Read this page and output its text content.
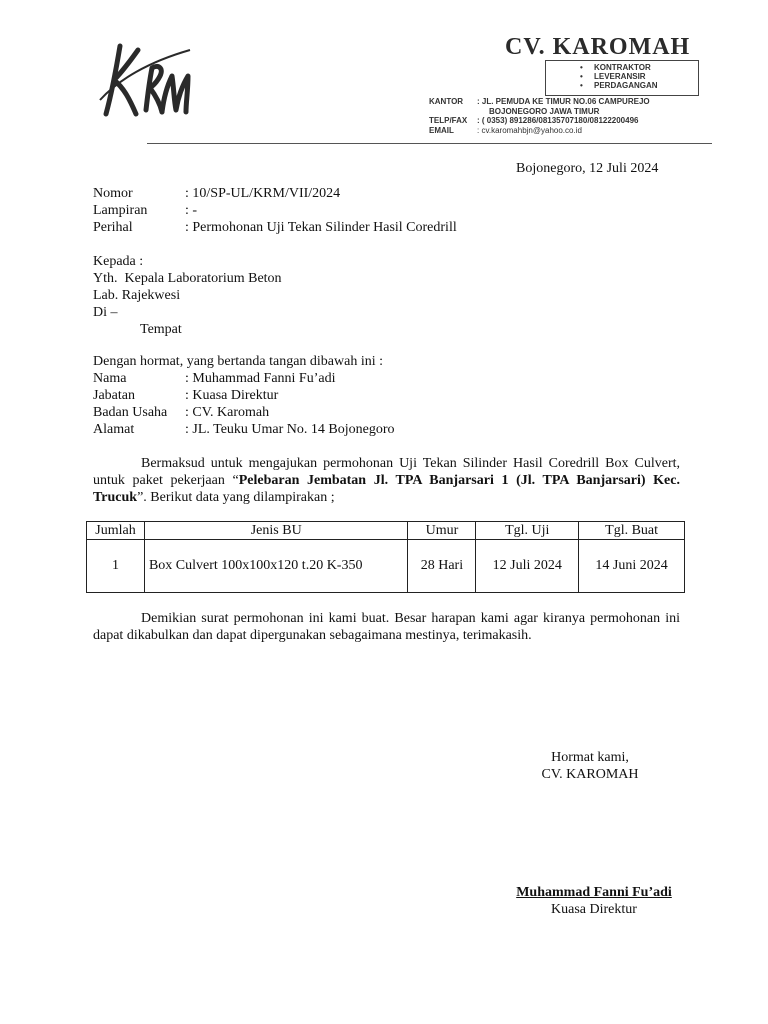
CV. KAROMAH
• KONTRAKTOR
• LEVERANSIR
• PERDAGANGAN
KANTOR	: JL. PEMUDA KE TIMUR NO.06 CAMPUREJO
BOJONEGORO JAWA TIMUR
TELP/FAX	: ( 0353) 891286/08135707180/08122200496
EMAIL	: cv.karomahbjn@yahoo.co.id
Bojonegoro, 12 Juli 2024
Nomor	: 10/SP-UL/KRM/VII/2024
Lampiran	: -
Perihal	: Permohonan Uji Tekan Silinder Hasil Coredrill
Kepada :
Yth.  Kepala Laboratorium Beton
Lab. Rajekwesi
Di –
Tempat
Dengan hormat, yang bertanda tangan dibawah ini :
Nama	: Muhammad Fanni Fu’adi
Jabatan	: Kuasa Direktur
Badan Usaha	: CV. Karomah
Alamat	: JL. Teuku Umar No. 14 Bojonegoro
Bermaksud untuk mengajukan permohonan Uji Tekan Silinder Hasil Coredrill Box Culvert, untuk paket pekerjaan “Pelebaran Jembatan Jl. TPA Banjarsari 1 (Jl. TPA Banjarsari) Kec. Trucuk”. Berikut data yang dilampirakan ;
Jumlah	Jenis BU	Umur	Tgl. Uji	Tgl. Buat
1	Box Culvert 100x100x120 t.20 K-350	28 Hari	12 Juli 2024	14 Juni 2024
Demikian surat permohonan ini kami buat. Besar harapan kami agar kiranya permohonan ini dapat dikabulkan dan dapat dipergunakan sebagaimana mestinya, terimakasih.
Hormat kami,
CV. KAROMAH
Muhammad Fanni Fu’adi
Kuasa Direktur
